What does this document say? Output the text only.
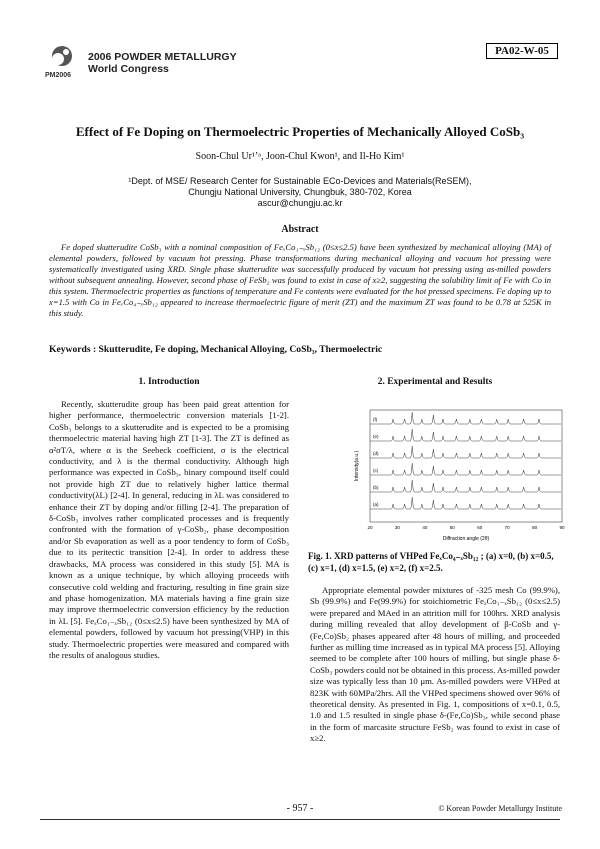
PM2006
2006 POWDER METALLURGY
World Congress
PA02-W-05
Effect of Fe Doping on Thermoelectric Properties of Mechanically Alloyed CoSb₃
Soon-Chul Ur¹ʼᵃ, Joon-Chul Kwon¹, and Il-Ho Kim¹
¹Dept. of MSE/ Research Center for Sustainable ECo-Devices and Materials(ReSEM),
Chungju National University, Chungbuk, 380-702, Korea
ascur@chungju.ac.kr
Abstract
Fe doped skutterudite CoSb₃ with a nominal composition of FeₓCo₁₋ₓSb₁₂ (0≤x≤2.5) have been synthesized by mechanical alloying (MA) of elemental powders, followed by vacuum hot pressing. Phase transformations during mechanical alloying and vacuum hot pressing were systematically investigated using XRD. Single phase skutterudite was successfully produced by vacuum hot pressing using as-milled powders without subsequent annealing. However, second phase of FeSb₂ was found to exist in case of x≥2, suggesting the solubility limit of Fe with Co in this system. Thermoelectric properties as functions of temperature and Fe contents were evaluated for the hot pressed specimens. Fe doping up to x=1.5 with Co in FeₓCo₄₋ₓSb₁₂ appeared to increase thermoelectric figure of merit (ZT) and the maximum ZT was found to be 0.78 at 525K in this study.
Keywords : Skutterudite, Fe doping, Mechanical Alloying, CoSb₃, Thermoelectric
1. Introduction

Recently, skutterudite group has been paid great attention for higher performance, thermoelectric conversion materials [1-2]. CoSb₃ belongs to a skutterudite and is expected to be a promising thermoelectric material having high ZT [1-3]. The ZT is defined as α²σT/λ, where α is the Seebeck coefficient, σ is the electrical conductivity, and λ is the thermal conductivity. Although high performance was expected in CoSb₃, binary compound itself could not provide high ZT due to relatively higher lattice thermal conductivity(λL) [2-4]. In general, reducing in λL was considered to enhance their ZT by doping and/or filling [2-4]. The preparation of δ-CoSb₃ involves rather complicated processes and is frequently confronted with the formation of γ-CoSb₂, phase decomposition and/or Sb evaporation as well as a poor tendency to form of CoSb₃ due to its peritectic transition [2-4]. In order to address these drawbacks, MA process was considered in this study [5]. MA is known as a unique technique, by which alloying proceeds with consecutive cold welding and fracturing, resulting in fine grain size and phase homogenization. MA materials having a fine grain size may improve thermoelectric conversion efficiency by the reduction in λL [5]. FeₓCo₁₋ₓSb₁₂ (0≤x≤2.5) have been synthesized by MA of elemental powders, followed by vacuum hot pressing(VHP) in this study. Thermoelectric properties were measured and compared with the results of analogous studies.

2. Experimental and Results
(f)
(e)
(d)
(c)
(b)
(a)
20	30	40	50	60	70	80	90
Intensity(a.u.)
Diffraction angle (2θ)
Fig. 1. XRD patterns of VHPed FeₓCo₄₋ₓSb₁₂ ; (a) x=0, (b) x=0.5, (c) x=1, (d) x=1.5, (e) x=2, (f) x=2.5.

Appropriate elemental powder mixtures of -325 mesh Co (99.9%), Sb (99.9%) and Fe(99.9%) for stoichiometric FeₓCo₁₋ₓSb₁₂ (0≤x≤2.5) were prepared and MAed in an attrition mill for 100hrs. XRD analysis during milling revealed that alloy development of β-CoSb and γ-(Fe,Co)Sb₂ phases appeared after 48 hours of milling, and proceeded further as milling time increased as in typical MA process [5]. Alloying seemed to be complete after 100 hours of milling, but single phase δ-CoSb₃ powders could not be obtained in this process. As-milled powder size was typically less than 10 μm. As-milled powders were VHPed at 823K with 60MPa/2hrs. All the VHPed specimens showed over 96% of theoretical density. As presented in Fig. 1, compositions of x=0.1, 0.5, 1.0 and 1.5 resulted in single phase δ-(Fe,Co)Sb₃, while second phase in the form of marcasite structure FeSb₂ was found to exist in case of x≥2.

- 957 -	© Korean Powder Metallurgy Institute
